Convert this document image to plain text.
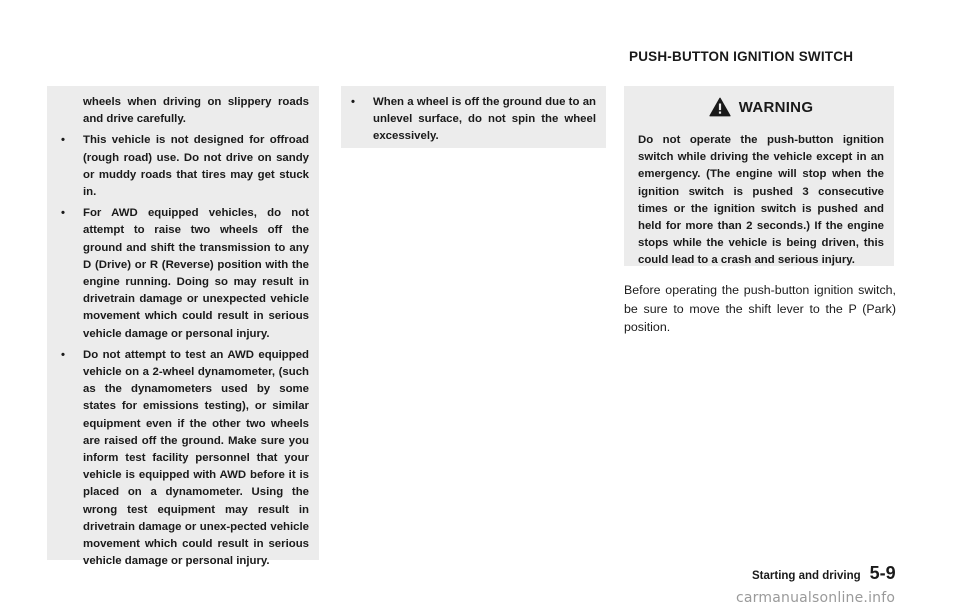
wheels when driving on slippery roads and drive carefully.

•	This vehicle is not designed for offroad (rough road) use. Do not drive on sandy or muddy roads that tires may get stuck in.
•	For AWD equipped vehicles, do not attempt to raise two wheels off the ground and shift the transmission to any D (Drive) or R (Reverse) position with the engine running. Doing so may result in drivetrain damage or unexpected vehicle movement which could result in serious vehicle damage or personal injury.
•	Do not attempt to test an AWD equipped vehicle on a 2-wheel dynamometer, (such as the dynamometers used by some states for emissions testing), or similar equipment even if the other two wheels are raised off the ground. Make sure you inform test facility personnel that your vehicle is equipped with AWD before it is placed on a dynamometer. Using the wrong test equipment may result in drivetrain damage or unex-pected vehicle movement which could result in serious vehicle damage or personal injury.
•	When a wheel is off the ground due to an unlevel surface, do not spin the wheel excessively.
PUSH-BUTTON IGNITION SWITCH
WARNING

Do not operate the push-button ignition switch while driving the vehicle except in an emergency. (The engine will stop when the ignition switch is pushed 3 consecutive times or the ignition switch is pushed and held for more than 2 seconds.) If the engine stops while the vehicle is being driven, this could lead to a crash and serious injury.

Before operating the push-button ignition switch, be sure to move the shift lever to the P (Park) position.

Starting and driving 5-9
carmanualsonline.info
